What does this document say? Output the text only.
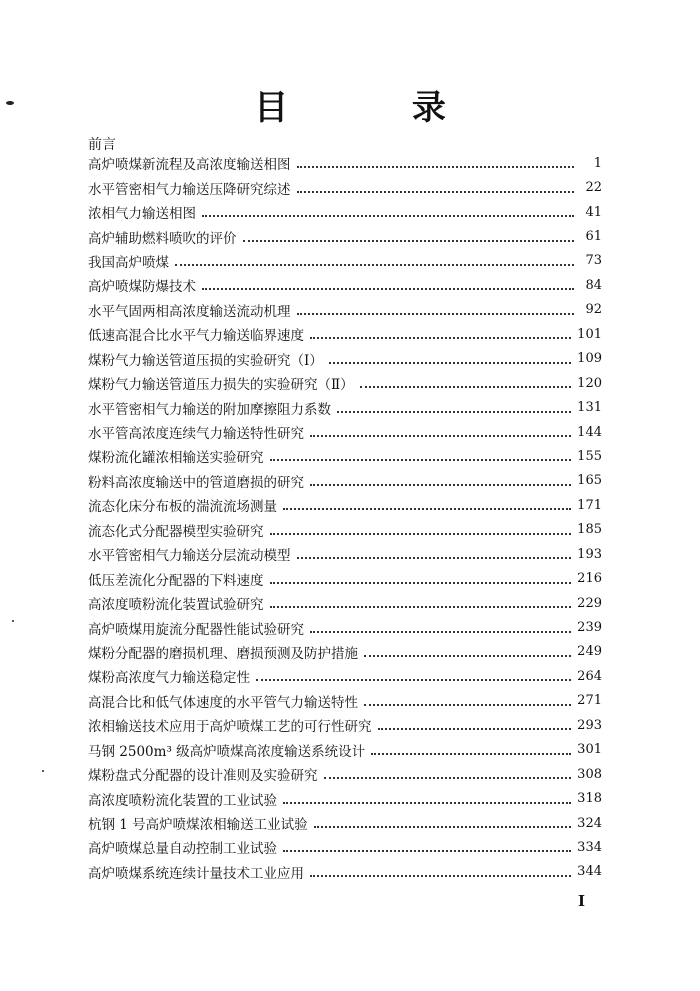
目 录
前言
高炉喷煤新流程及高浓度输送相图	1
水平管密相气力输送压降研究综述	22
浓相气力输送相图	41
高炉辅助燃料喷吹的评价	61
我国高炉喷煤	73
高炉喷煤防爆技术	84
水平气固两相高浓度输送流动机理	92
低速高混合比水平气力输送临界速度	101
煤粉气力输送管道压损的实验研究（Ⅰ）	109
煤粉气力输送管道压力损失的实验研究（Ⅱ）	120
水平管密相气力输送的附加摩擦阻力系数	131
水平管高浓度连续气力输送特性研究	144
煤粉流化罐浓相输送实验研究	155
粉料高浓度输送中的管道磨损的研究	165
流态化床分布板的湍流流场测量	171
流态化式分配器模型实验研究	185
水平管密相气力输送分层流动模型	193
低压差流化分配器的下料速度	216
高浓度喷粉流化装置试验研究	229
高炉喷煤用旋流分配器性能试验研究	239
煤粉分配器的磨损机理、磨损预测及防护措施	249
煤粉高浓度气力输送稳定性	264
高混合比和低气体速度的水平管气力输送特性	271
浓相输送技术应用于高炉喷煤工艺的可行性研究	293
马钢 2500m³ 级高炉喷煤高浓度输送系统设计	301
煤粉盘式分配器的设计准则及实验研究	308
高浓度喷粉流化装置的工业试验	318
杭钢 1 号高炉喷煤浓相输送工业试验	324
高炉喷煤总量自动控制工业试验	334
高炉喷煤系统连续计量技术工业应用	344
I
